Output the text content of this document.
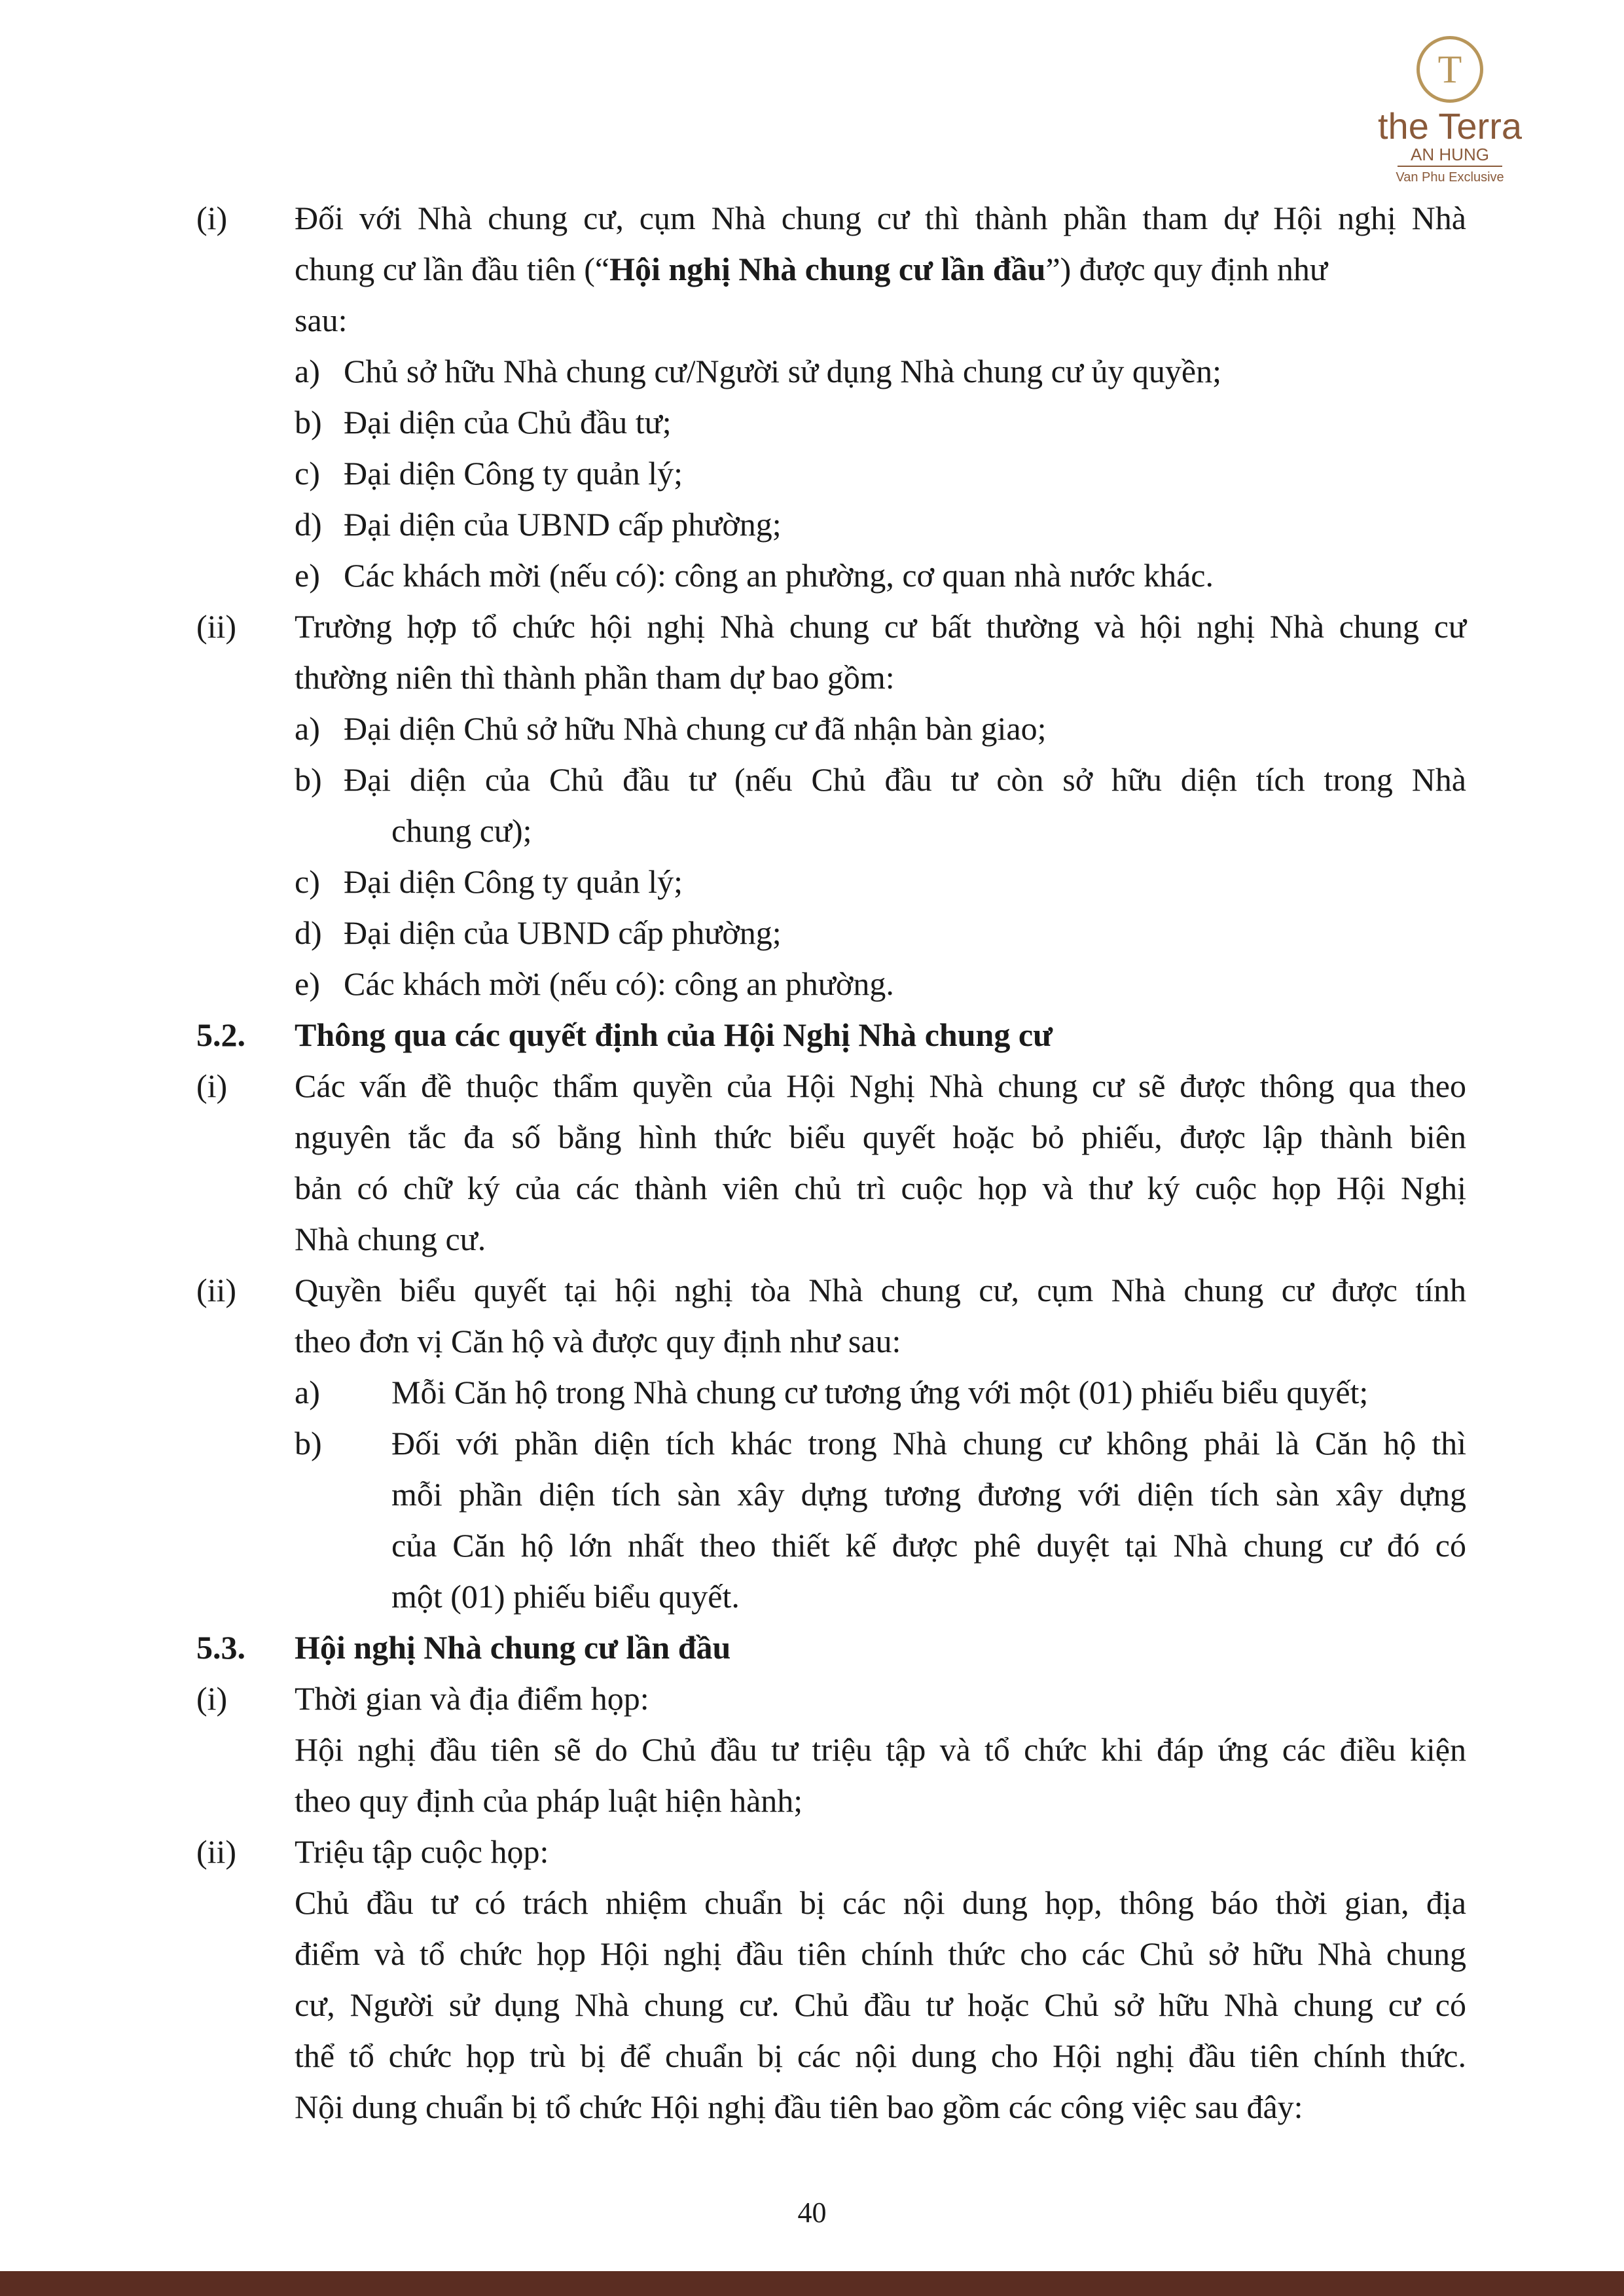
T
the Terra
AN HUNG
Van Phu Exclusive
(i) Đối với Nhà chung cư, cụm Nhà chung cư thì thành phần tham dự Hội nghị Nhà
chung cư lần đầu tiên (“Hội nghị Nhà chung cư lần đầu”) được quy định như
sau:
a) Chủ sở hữu Nhà chung cư/Người sử dụng Nhà chung cư ủy quyền;
b) Đại diện của Chủ đầu tư;
c) Đại diện Công ty quản lý;
d) Đại diện của UBND cấp phường;
e) Các khách mời (nếu có): công an phường, cơ quan nhà nước khác.
(ii) Trường hợp tổ chức hội nghị Nhà chung cư bất thường và hội nghị Nhà chung cư
thường niên thì thành phần tham dự bao gồm:
a) Đại diện Chủ sở hữu Nhà chung cư đã nhận bàn giao;
b) Đại diện của Chủ đầu tư (nếu Chủ đầu tư còn sở hữu diện tích trong Nhà
chung cư);
c) Đại diện Công ty quản lý;
d) Đại diện của UBND cấp phường;
e) Các khách mời (nếu có): công an phường.
5.2. Thông qua các quyết định của Hội Nghị Nhà chung cư
(i) Các vấn đề thuộc thẩm quyền của Hội Nghị Nhà chung cư sẽ được thông qua theo
nguyên tắc đa số bằng hình thức biểu quyết hoặc bỏ phiếu, được lập thành biên
bản có chữ ký của các thành viên chủ trì cuộc họp và thư ký cuộc họp Hội Nghị
Nhà chung cư.
(ii) Quyền biểu quyết tại hội nghị tòa Nhà chung cư, cụm Nhà chung cư được tính
theo đơn vị Căn hộ và được quy định như sau:
a) Mỗi Căn hộ trong Nhà chung cư tương ứng với một (01) phiếu biểu quyết;
b) Đối với phần diện tích khác trong Nhà chung cư không phải là Căn hộ thì
mỗi phần diện tích sàn xây dựng tương đương với diện tích sàn xây dựng
của Căn hộ lớn nhất theo thiết kế được phê duyệt tại Nhà chung cư đó có
một (01) phiếu biểu quyết.
5.3. Hội nghị Nhà chung cư lần đầu
(i) Thời gian và địa điểm họp:
Hội nghị đầu tiên sẽ do Chủ đầu tư triệu tập và tổ chức khi đáp ứng các điều kiện
theo quy định của pháp luật hiện hành;
(ii) Triệu tập cuộc họp:
Chủ đầu tư có trách nhiệm chuẩn bị các nội dung họp, thông báo thời gian, địa
điểm và tổ chức họp Hội nghị đầu tiên chính thức cho các Chủ sở hữu Nhà chung
cư, Người sử dụng Nhà chung cư. Chủ đầu tư hoặc Chủ sở hữu Nhà chung cư có
thể tổ chức họp trù bị để chuẩn bị các nội dung cho Hội nghị đầu tiên chính thức.
Nội dung chuẩn bị tổ chức Hội nghị đầu tiên bao gồm các công việc sau đây:
40
